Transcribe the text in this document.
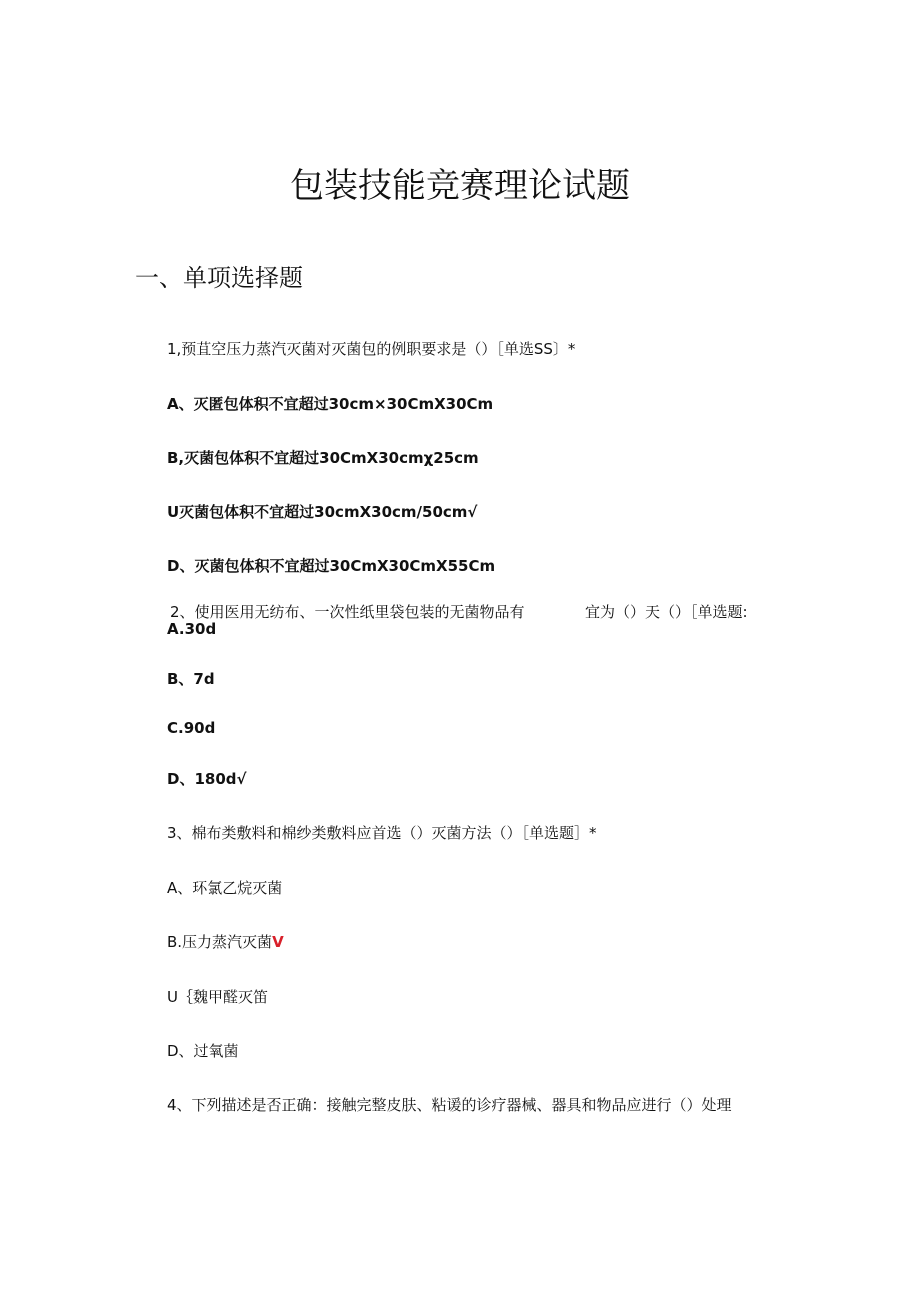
包装技能竞赛理论试题
一、单项选择题
1,预苴空压力蒸汽灭菌对灭菌包的例职要求是（）［单选SS〕*
A、灭匿包体积不宜超过30cm×30CmX30Cm
B,灭菌包体积不宜超过30CmX30cmχ25cm
U灭菌包体积不宜超过30cmX30cm/50cm√
D、灭菌包体积不宜超过30CmX30CmX55Cm
2、使用医用无纺布、一次性纸里袋包装的无菌物品有	宜为（）天（）［单选题:
A.30d
B、7d
C.90d
D、180d√
3、棉布类敷料和棉纱类敷料应首选（）灭菌方法（）［单选题］*
A、环氯乙烷灭菌
B.压力蒸汽灭菌V
U｛魏甲醛灭笛
D、过氧菌
4、下列描述是否正确：接触完整皮肤、粘谖的诊疗器械、器具和物品应进行（）处理
